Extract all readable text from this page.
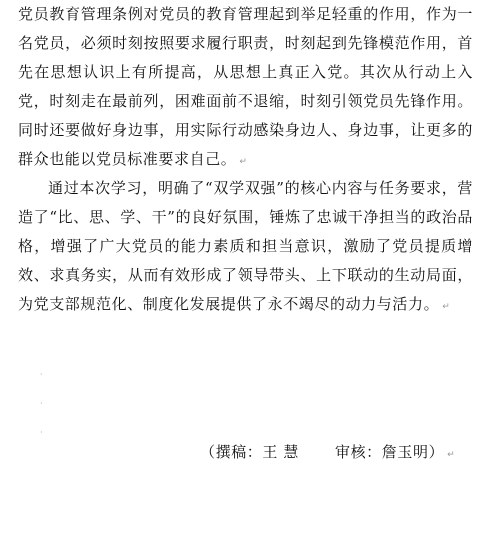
党员教育管理条例对党员的教育管理起到举足轻重的作用，作为一名党员，必须时刻按照要求履行职责，时刻起到先锋模范作用，首先在思想认识上有所提高，从思想上真正入党。其次从行动上入党，时刻走在最前列，困难面前不退缩，时刻引领党员先锋作用。同时还要做好身边事，用实际行动感染身边人、身边事，让更多的群众也能以党员标准要求自己。 ↵

通过本次学习，明确了“双学双强”的核心内容与任务要求，营造了“比、思、学、干”的良好氛围，锤炼了忠诚干净担当的政治品格，增强了广大党员的能力素质和担当意识，激励了党员提质增效、求真务实，从而有效形成了领导带头、上下联动的生动局面，为党支部规范化、制度化发展提供了永不竭尽的动力与活力。 ↵

·
·
·
（撰稿：王 慧 审核：詹玉明） ↵
